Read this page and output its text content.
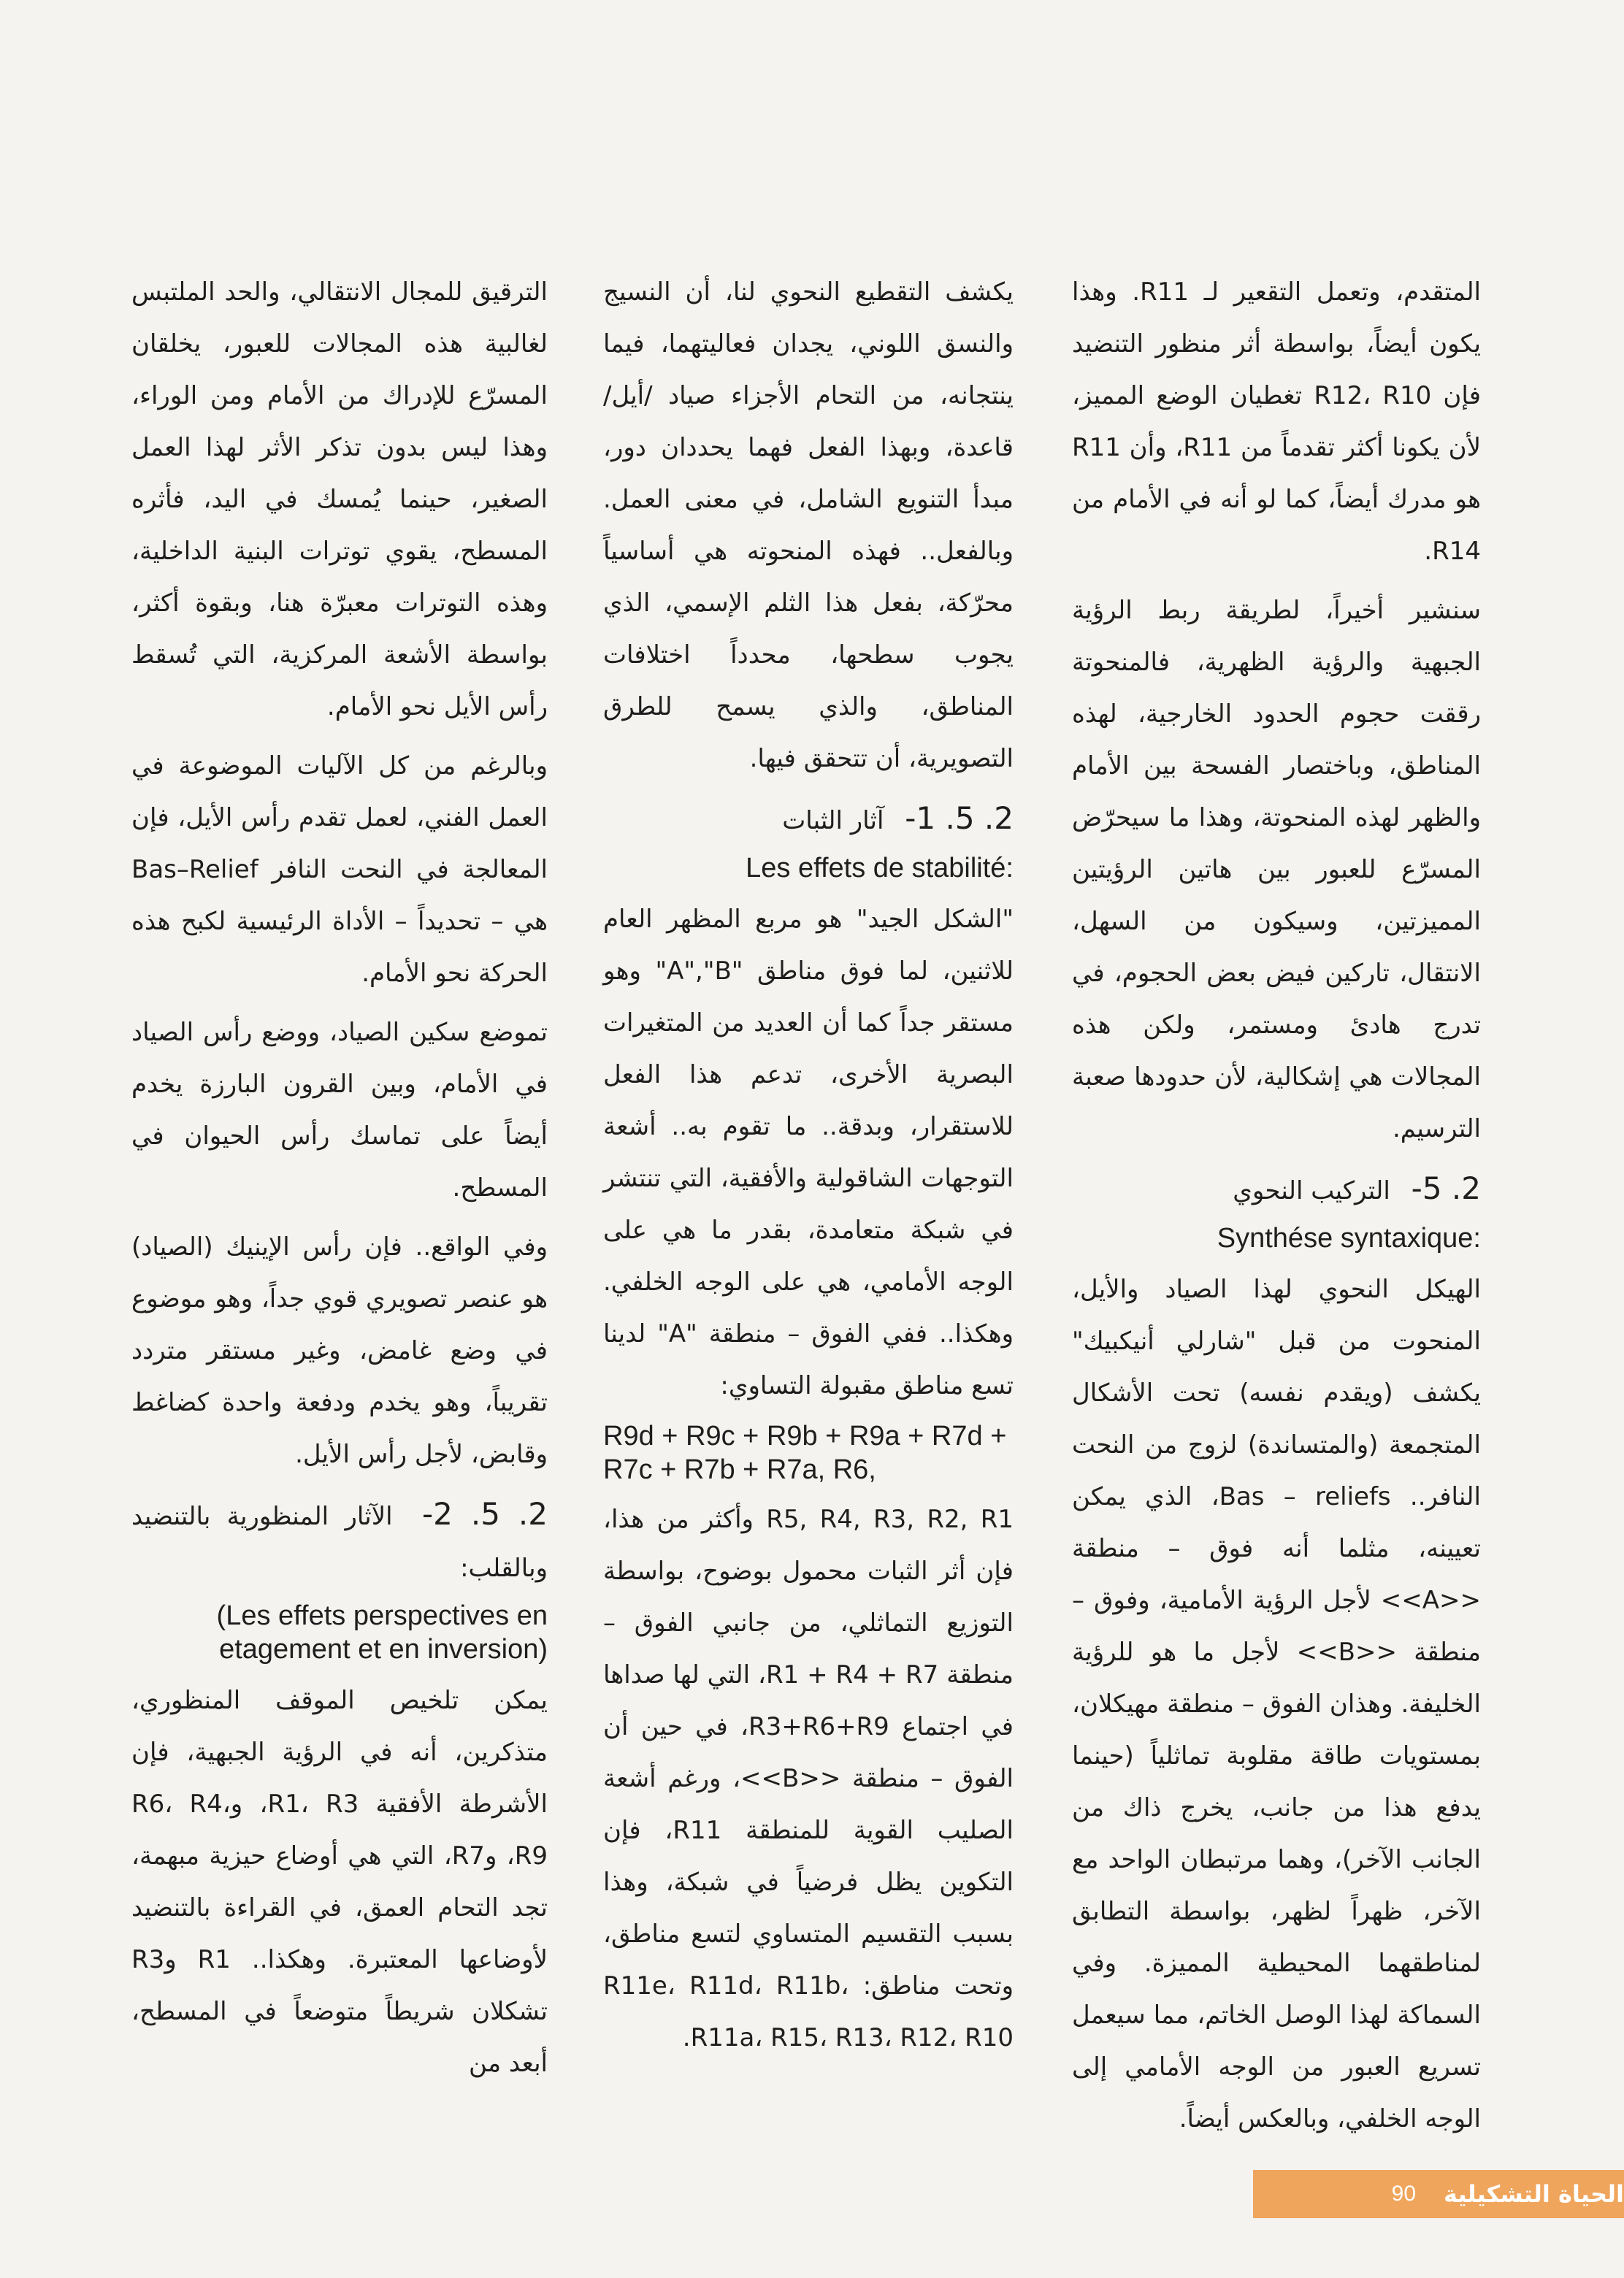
المتقدم، وتعمل التقعير لـ R11. وهذا يكون أيضاً، بواسطة أثر منظور التنضيد فإن R12، R10 تغطيان الوضع المميز، لأن يكونا أكثر تقدماً من R11، وأن R11 هو مدرك أيضاً، كما لو أنه في الأمام من R14.

سنشير أخيراً، لطريقة ربط الرؤية الجبهية والرؤية الظهرية، فالمنحوتة رققت حجوم الحدود الخارجية، لهذه المناطق، وباختصار الفسحة بين الأمام والظهر لهذه المنحوتة، وهذا ما سيحرّض المسرّع للعبور بين هاتين الرؤيتين المميزتين، وسيكون من السهل، الانتقال، تاركين فيض بعض الحجوم، في تدرج هادئ ومستمر، ولكن هذه المجالات هي إشكالية، لأن حدودها صعبة الترسيم.

2. 5- التركيب النحوي

Synthése syntaxique:

الهيكل النحوي لهذا الصياد والأيل، المنحوت من قبل "شارلي أنيكبيك" يكشف (ويقدم نفسه) تحت الأشكال المتجمعة (والمتساندة) لزوج من النحت النافر.. Bas – reliefs، الذي يمكن تعيينه، مثلما أنه فوق – منطقة <<A>> لأجل الرؤية الأمامية، وفوق – منطقة <<B>> لأجل ما هو للرؤية الخليفة. وهذان الفوق – منطقة مهيكلان، بمستويات طاقة مقلوبة تماثلياً (حينما يدفع هذا من جانب، يخرج ذاك من الجانب الآخر)، وهما مرتبطان الواحد مع الآخر، ظهراً لظهر، بواسطة التطابق لمناطقهما المحيطية المميزة. وفي السماكة لهذا الوصل الخاتم، مما سيعمل تسريع العبور من الوجه الأمامي إلى الوجه الخلفي، وبالعكس أيضاً.

يكشف التقطيع النحوي لنا، أن النسيج والنسق اللوني، يجدان فعاليتهما، فيما ينتجانه، من التحام الأجزاء صياد /أيل/ قاعدة، وبهذا الفعل فهما يحددان دور، مبدأ التنويع الشامل، في معنى العمل. وبالفعل.. فهذه المنحوته هي أساسياً محرّكة، بفعل هذا الثلم الإسمي، الذي يجوب سطحها، محدداً اختلافات المناطق، والذي يسمح للطرق التصويرية، أن تتحقق فيها.

2. 5. 1- آثار الثبات

Les effets de stabilité:

"الشكل الجيد" هو مربع المظهر العام للاثنين، لما فوق مناطق "A","B" وهو مستقر جداً كما أن العديد من المتغيرات البصرية الأخرى، تدعم هذا الفعل للاستقرار، وبدقة.. ما تقوم به.. أشعة التوجهات الشاقولية والأفقية، التي تنتشر في شبكة متعامدة، بقدر ما هي على الوجه الأمامي، هي على الوجه الخلفي. وهكذا.. ففي الفوق – منطقة "A" لدينا تسع مناطق مقبولة التساوي:

R9d + R9c + R9b + R9a + R7d + R7c + R7b + R7a, R6,

R5, R4, R3, R2, R1 وأكثر من هذا، فإن أثر الثبات محمول بوضوح، بواسطة التوزيع التماثلي، من جانبي الفوق – منطقة R1 + R4 + R7، التي لها صداها في اجتماع R3+R6+R9، في حين أن الفوق – منطقة <<B>>، ورغم أشعة الصليب القوية للمنطقة R11، فإن التكوين يظل فرضياً في شبكة، وهذا بسبب التقسيم المتساوي لتسع مناطق، وتحت مناطق: R11e، R11d، R11b، R11a، R15، R13، R12، R10.

الترقيق للمجال الانتقالي، والحد الملتبس لغالبية هذه المجالات للعبور، يخلقان المسرّع للإدراك من الأمام ومن الوراء، وهذا ليس بدون تذكر الأثر لهذا العمل الصغير، حينما يُمسك في اليد، فأثره المسطح، يقوي توترات البنية الداخلية، وهذه التوترات معبرّة هنا، وبقوة أكثر، بواسطة الأشعة المركزية، التي تُسقط رأس الأيل نحو الأمام.

وبالرغم من كل الآليات الموضوعة في العمل الفني، لعمل تقدم رأس الأيل، فإن المعالجة في النحت النافر Bas–Relief هي – تحديداً – الأداة الرئيسية لكبح هذه الحركة نحو الأمام.

تموضع سكين الصياد، ووضع رأس الصياد في الأمام، وبين القرون البارزة يخدم أيضاً على تماسك رأس الحيوان في المسطح.

وفي الواقع.. فإن رأس الإينيك (الصياد) هو عنصر تصويري قوي جداً، وهو موضوع في وضع غامض، وغير مستقر متردد تقريباً، وهو يخدم ودفعة واحدة كضاغط وقابض، لأجل رأس الأيل.

2. 5. 2- الآثار المنظورية بالتنضيد وبالقلب:

(Les effets perspectives en etagement et en inversion)

يمكن تلخيص الموقف المنظوري، متذكرين، أنه في الرؤية الجبهية، فإن الأشرطة الأفقية R1، R3، وR6، R4، R9، وR7، التي هي أوضاع حيزية مبهمة، تجد التحام العمق، في القراءة بالتنضيد لأوضاعها المعتبرة. وهكذا.. R1 وR3 تشكلان شريطاً متوضعاً في المسطح، أبعد من

90 الحياة التشكيلية
